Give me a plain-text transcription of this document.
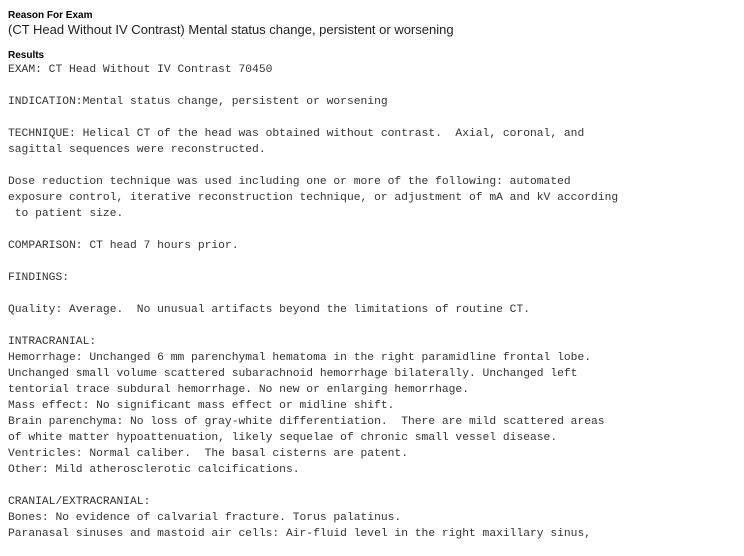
Reason For Exam
(CT Head Without IV Contrast) Mental status change, persistent or worsening
Results
EXAM: CT Head Without IV Contrast 70450
INDICATION:Mental status change, persistent or worsening
TECHNIQUE: Helical CT of the head was obtained without contrast.  Axial, coronal, and
sagittal sequences were reconstructed.
Dose reduction technique was used including one or more of the following: automated
exposure control, iterative reconstruction technique, or adjustment of mA and kV according
to patient size.
COMPARISON: CT head 7 hours prior.
FINDINGS:
Quality: Average.  No unusual artifacts beyond the limitations of routine CT.
INTRACRANIAL:
Hemorrhage: Unchanged 6 mm parenchymal hematoma in the right paramidline frontal lobe.
Unchanged small volume scattered subarachnoid hemorrhage bilaterally. Unchanged left
tentorial trace subdural hemorrhage. No new or enlarging hemorrhage.
Mass effect: No significant mass effect or midline shift.
Brain parenchyma: No loss of gray-white differentiation.  There are mild scattered areas
of white matter hypoattenuation, likely sequelae of chronic small vessel disease.
Ventricles: Normal caliber.  The basal cisterns are patent.
Other: Mild atherosclerotic calcifications.
CRANIAL/EXTRACRANIAL:
Bones: No evidence of calvarial fracture. Torus palatinus.
Paranasal sinuses and mastoid air cells: Air-fluid level in the right maxillary sinus,
